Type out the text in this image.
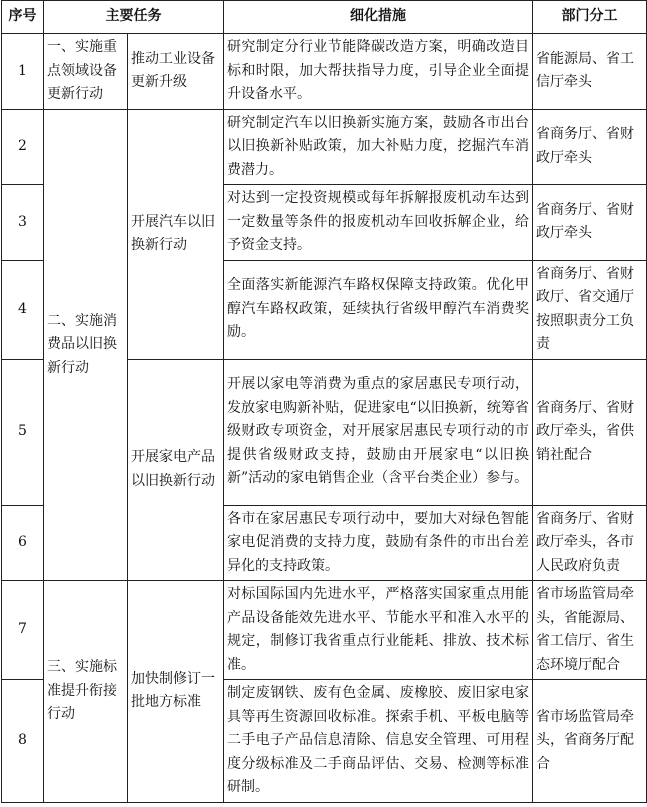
序号	主要任务		细化措施	部门分工
1	一、实施重点领域设备更新行动	推动工业设备更新升级	研究制定分行业节能降碳改造方案，明确改造目标和时限，加大帮扶指导力度，引导企业全面提升设备水平。	省能源局、省工信厅牵头
2	二、实施消费品以旧换新行动	开展汽车以旧换新行动	研究制定汽车以旧换新实施方案，鼓励各市出台以旧换新补贴政策，加大补贴力度，挖掘汽车消费潜力。	省商务厅、省财政厅牵头
3			对达到一定投资规模或每年拆解报废机动车达到一定数量等条件的报废机动车回收拆解企业，给予资金支持。	省商务厅、省财政厅牵头
4			全面落实新能源汽车路权保障支持政策。优化甲醇汽车路权政策，延续执行省级甲醇汽车消费奖励。	省商务厅、省财政厅、省交通厅按照职责分工负责
5		开展家电产品以旧换新行动	开展以家电等消费为重点的家居惠民专项行动，发放家电购新补贴，促进家电“以旧换新，统筹省级财政专项资金，对开展家居惠民专项行动的市提供省级财政支持，鼓励由开展家电“以旧换新”活动的家电销售企业（含平台类企业）参与。	省商务厅、省财政厅牵头，省供销社配合
6			各市在家居惠民专项行动中，要加大对绿色智能家电促消费的支持力度，鼓励有条件的市出台差异化的支持政策。	省商务厅、省财政厅牵头，各市人民政府负责
7	三、实施标准提升衔接行动	加快制修订一批地方标准	对标国际国内先进水平，严格落实国家重点用能产品设备能效先进水平、节能水平和准入水平的规定，制修订我省重点行业能耗、排放、技术标准。	省市场监管局牵头，省能源局、省工信厅、省生态环境厅配合
8			制定废钢铁、废有色金属、废橡胶、废旧家电家具等再生资源回收标准。探索手机、平板电脑等二手电子产品信息清除、信息安全管理、可用程度分级标准及二手商品评估、交易、检测等标准研制。	省市场监管局牵头，省商务厅配合
